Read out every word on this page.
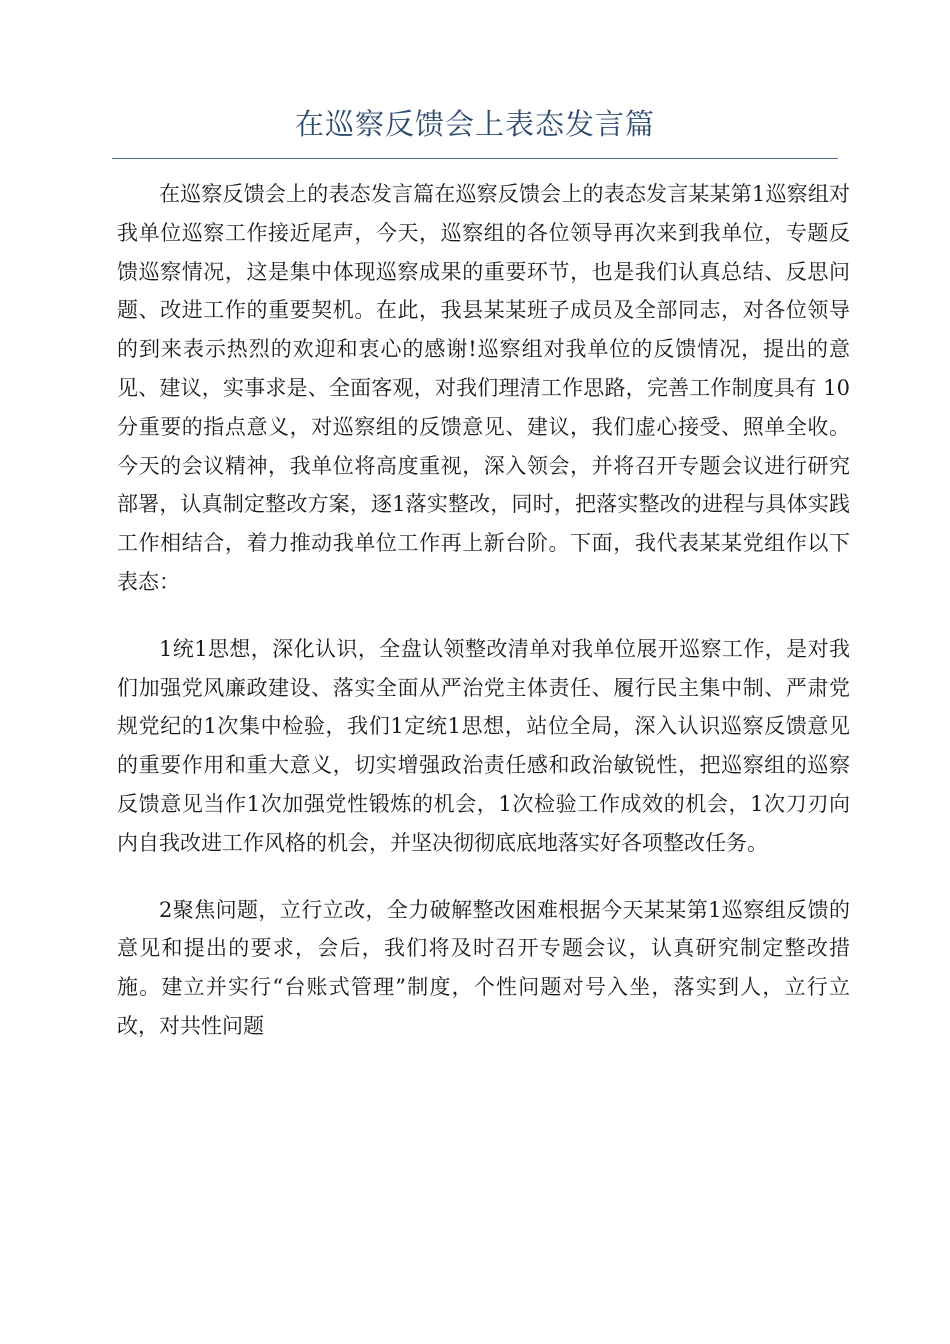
在巡察反馈会上表态发言篇

在巡察反馈会上的表态发言篇在巡察反馈会上的表态发言某某第1巡察组对我单位巡察工作接近尾声，今天，巡察组的各位领导再次来到我单位，专题反馈巡察情况，这是集中体现巡察成果的重要环节，也是我们认真总结、反思问题、改进工作的重要契机。在此，我县某某班子成员及全部同志，对各位领导的到来表示热烈的欢迎和衷心的感谢!巡察组对我单位的反馈情况，提出的意见、建议，实事求是、全面客观，对我们理清工作思路，完善工作制度具有 10 分重要的指点意义，对巡察组的反馈意见、建议，我们虚心接受、照单全收。今天的会议精神，我单位将高度重视，深入领会，并将召开专题会议进行研究部署，认真制定整改方案，逐1落实整改，同时，把落实整改的进程与具体实践工作相结合，着力推动我单位工作再上新台阶。下面，我代表某某党组作以下表态：

1统1思想，深化认识，全盘认领整改清单对我单位展开巡察工作，是对我们加强党风廉政建设、落实全面从严治党主体责任、履行民主集中制、严肃党规党纪的1次集中检验，我们1定统1思想，站位全局，深入认识巡察反馈意见的重要作用和重大意义，切实增强政治责任感和政治敏锐性，把巡察组的巡察反馈意见当作1次加强党性锻炼的机会，1次检验工作成效的机会，1次刀刃向内自我改进工作风格的机会，并坚决彻彻底底地落实好各项整改任务。

2聚焦问题，立行立改，全力破解整改困难根据今天某某第1巡察组反馈的意见和提出的要求，会后，我们将及时召开专题会议，认真研究制定整改措施。建立并实行“台账式管理”制度，个性问题对号入坐，落实到人，立行立改，对共性问题
